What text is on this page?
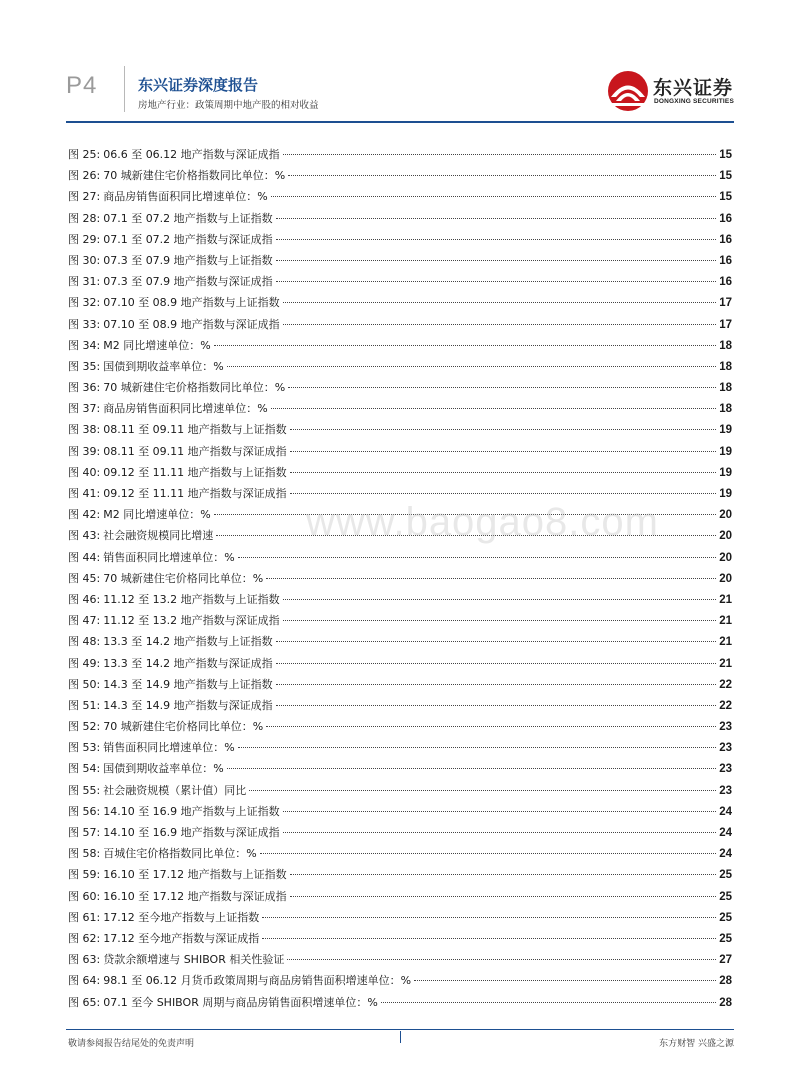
P4	东兴证券深度报告
房地产行业：政策周期中地产股的相对收益
东兴证券
DONGXING SECURITIES
图 25: 06.6 至 06.12 地产指数与深证成指	15
图 26: 70 城新建住宅价格指数同比单位：%	15
图 27: 商品房销售面积同比增速单位：%	15
图 28: 07.1 至 07.2 地产指数与上证指数	16
图 29: 07.1 至 07.2 地产指数与深证成指	16
图 30: 07.3 至 07.9 地产指数与上证指数	16
图 31: 07.3 至 07.9 地产指数与深证成指	16
图 32: 07.10 至 08.9 地产指数与上证指数	17
图 33: 07.10 至 08.9 地产指数与深证成指	17
图 34: M2 同比增速单位：%	18
图 35: 国债到期收益率单位：%	18
图 36: 70 城新建住宅价格指数同比单位：%	18
图 37: 商品房销售面积同比增速单位：%	18
图 38: 08.11 至 09.11 地产指数与上证指数	19
图 39: 08.11 至 09.11 地产指数与深证成指	19
图 40: 09.12 至 11.11 地产指数与上证指数	19
图 41: 09.12 至 11.11 地产指数与深证成指	19
图 42: M2 同比增速单位：%	20
图 43: 社会融资规模同比增速	20
图 44: 销售面积同比增速单位：%	20
图 45: 70 城新建住宅价格同比单位：%	20
图 46: 11.12 至 13.2 地产指数与上证指数	21
图 47: 11.12 至 13.2 地产指数与深证成指	21
图 48: 13.3 至 14.2 地产指数与上证指数	21
图 49: 13.3 至 14.2 地产指数与深证成指	21
图 50: 14.3 至 14.9 地产指数与上证指数	22
图 51: 14.3 至 14.9 地产指数与深证成指	22
图 52: 70 城新建住宅价格同比单位：%	23
图 53: 销售面积同比增速单位：%	23
图 54: 国债到期收益率单位：%	23
图 55: 社会融资规模（累计值）同比	23
图 56: 14.10 至 16.9 地产指数与上证指数	24
图 57: 14.10 至 16.9 地产指数与深证成指	24
图 58: 百城住宅价格指数同比单位：%	24
图 59: 16.10 至 17.12 地产指数与上证指数	25
图 60: 16.10 至 17.12 地产指数与深证成指	25
图 61: 17.12 至今地产指数与上证指数	25
图 62: 17.12 至今地产指数与深证成指	25
图 63: 贷款余额增速与 SHIBOR 相关性验证	27
图 64: 98.1 至 06.12 月货币政策周期与商品房销售面积增速单位：%	28
图 65: 07.1 至今 SHIBOR 周期与商品房销售面积增速单位：%	28
www.baogao8.com
敬请参阅报告结尾处的免责声明	东方财智 兴盛之源
